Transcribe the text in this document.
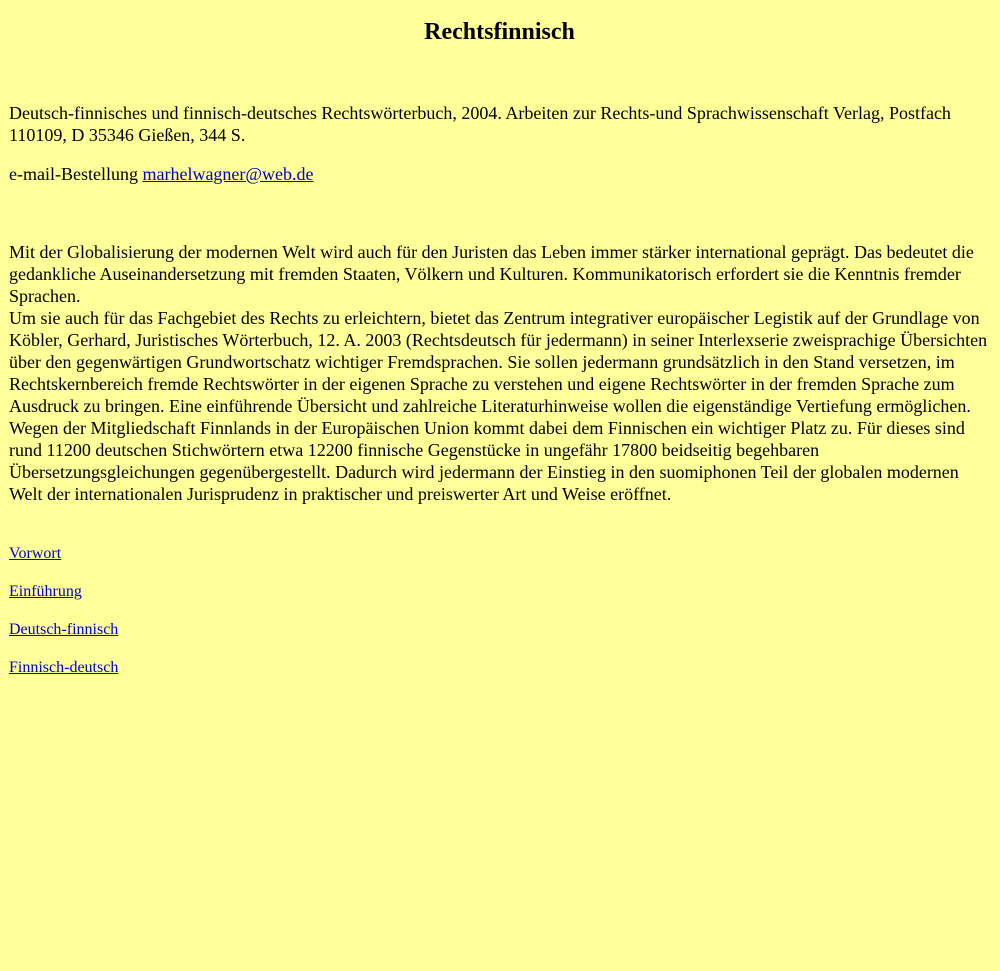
Rechtsfinnisch

Deutsch-finnisches und finnisch-deutsches Rechtswörterbuch, 2004. Arbeiten zur Rechts-und Sprachwissenschaft Verlag, Postfach 110109, D 35346 Gießen, 344 S.

e-mail-Bestellung marhelwagner@web.de

Mit der Globalisierung der modernen Welt wird auch für den Juristen das Leben immer stärker international geprägt. Das bedeutet die gedankliche Auseinandersetzung mit fremden Staaten, Völkern und Kulturen. Kommunikatorisch erfordert sie die Kenntnis fremder Sprachen.
Um sie auch für das Fachgebiet des Rechts zu erleichtern, bietet das Zentrum integrativer europäischer Legistik auf der Grundlage von Köbler, Gerhard, Juristisches Wörterbuch, 12. A. 2003 (Rechtsdeutsch für jedermann) in seiner Interlexserie zweisprachige Übersichten über den gegenwärtigen Grundwortschatz wichtiger Fremdsprachen. Sie sollen jedermann grundsätzlich in den Stand versetzen, im Rechtskernbereich fremde Rechtswörter in der eigenen Sprache zu verstehen und eigene Rechtswörter in der fremden Sprache zum Ausdruck zu bringen. Eine einführende Übersicht und zahlreiche Literaturhinweise wollen die eigenständige Vertiefung ermöglichen.
Wegen der Mitgliedschaft Finnlands in der Europäischen Union kommt dabei dem Finnischen ein wichtiger Platz zu. Für dieses sind rund 11200 deutschen Stichwörtern etwa 12200 finnische Gegenstücke in ungefähr 17800 beidseitig begehbaren Übersetzungsgleichungen gegenübergestellt. Dadurch wird jedermann der Einstieg in den suomiphonen Teil der globalen modernen Welt der internationalen Jurisprudenz in praktischer und preiswerter Art und Weise eröffnet.

Vorwort

Einführung

Deutsch-finnisch

Finnisch-deutsch
